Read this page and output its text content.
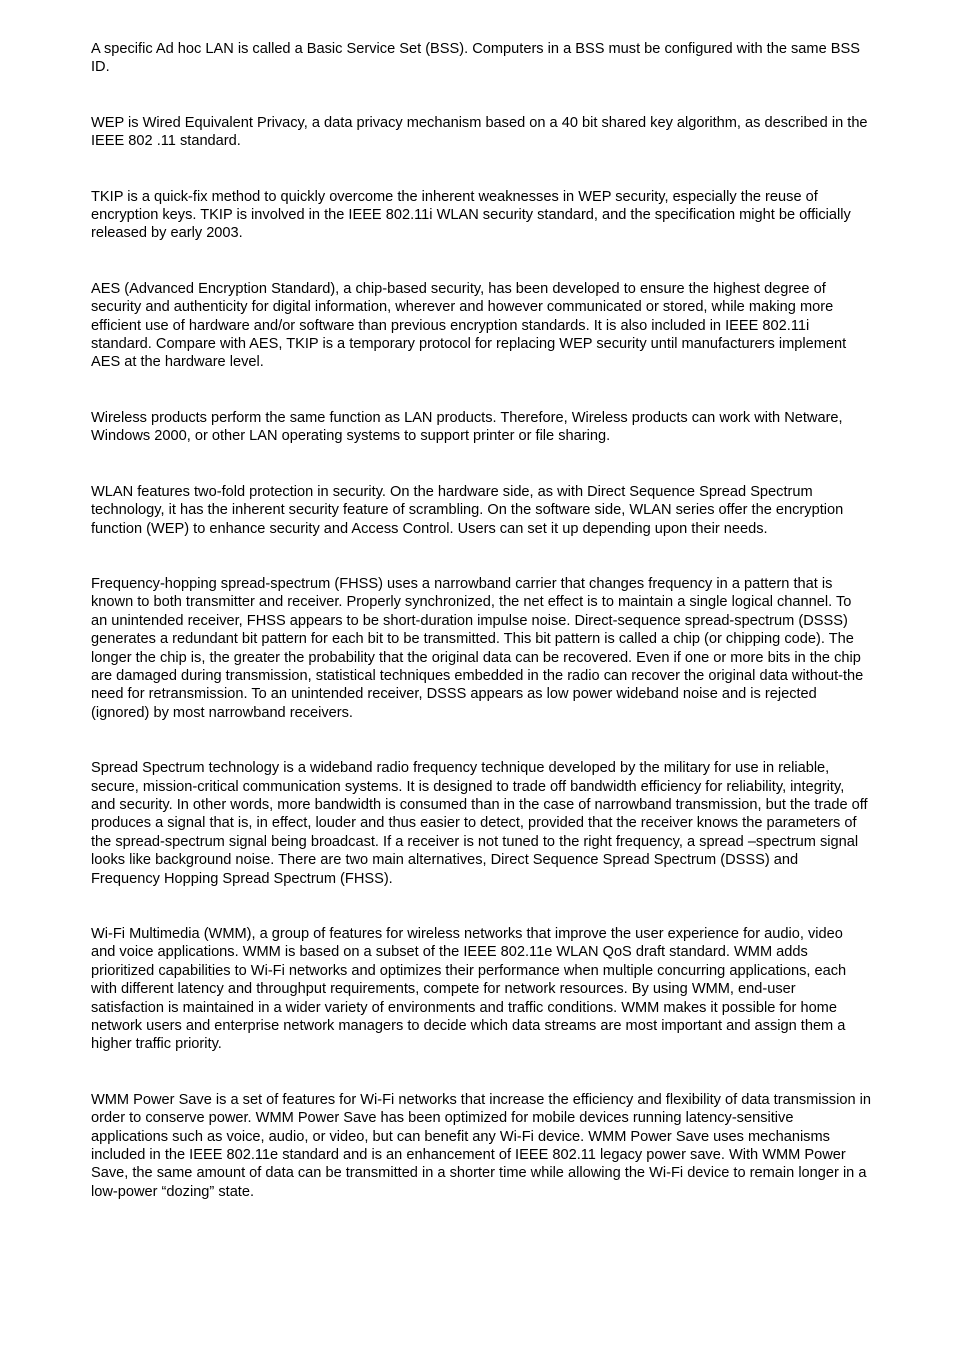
A specific Ad hoc LAN is called a Basic Service Set (BSS). Computers in a BSS must be configured with the same BSS ID.

WEP is Wired Equivalent Privacy, a data privacy mechanism based on a 40 bit shared key algorithm, as described in the IEEE 802 .11 standard.

TKIP is a quick-fix method to quickly overcome the inherent weaknesses in WEP security, especially the reuse of encryption keys. TKIP is involved in the IEEE 802.11i WLAN security standard, and the specification might be officially released by early 2003.

AES (Advanced Encryption Standard), a chip-based security, has been developed to ensure the highest degree of security and authenticity for digital information, wherever and however communicated or stored, while making more efficient use of hardware and/or software than previous encryption standards. It is also included in IEEE 802.11i standard. Compare with AES, TKIP is a temporary protocol for replacing WEP security until manufacturers implement AES at the hardware level.

Wireless products perform the same function as LAN products. Therefore, Wireless products can work with Netware, Windows 2000, or other LAN operating systems to support printer or file sharing.

WLAN features two-fold protection in security. On the hardware side, as with Direct Sequence Spread Spectrum technology, it has the inherent security feature of scrambling. On the software side, WLAN series offer the encryption function (WEP) to enhance security and Access Control. Users can set it up depending upon their needs.

Frequency-hopping spread-spectrum (FHSS) uses a narrowband carrier that changes frequency in a pattern that is known to both transmitter and receiver. Properly synchronized, the net effect is to maintain a single logical channel. To an unintended receiver, FHSS appears to be short-duration impulse noise. Direct-sequence spread-spectrum (DSSS) generates a redundant bit pattern for each bit to be transmitted. This bit pattern is called a chip (or chipping code). The longer the chip is, the greater the probability that the original data can be recovered. Even if one or more bits in the chip are damaged during transmission, statistical techniques embedded in the radio can recover the original data without-the need for retransmission. To an unintended receiver, DSSS appears as low power wideband noise and is rejected (ignored) by most narrowband receivers.

Spread Spectrum technology is a wideband radio frequency technique developed by the military for use in reliable, secure, mission-critical communication systems. It is designed to trade off bandwidth efficiency for reliability, integrity, and security. In other words, more bandwidth is consumed than in the case of narrowband transmission, but the trade off produces a signal that is, in effect, louder and thus easier to detect, provided that the receiver knows the parameters of the spread-spectrum signal being broadcast. If a receiver is not tuned to the right frequency, a spread –spectrum signal looks like background noise. There are two main alternatives, Direct Sequence Spread Spectrum (DSSS) and Frequency Hopping Spread Spectrum (FHSS).

Wi-Fi Multimedia (WMM), a group of features for wireless networks that improve the user experience for audio, video and voice applications. WMM is based on a subset of the IEEE 802.11e WLAN QoS draft standard. WMM adds prioritized capabilities to Wi-Fi networks and optimizes their performance when multiple concurring applications, each with different latency and throughput requirements, compete for network resources. By using WMM, end-user satisfaction is maintained in a wider variety of environments and traffic conditions. WMM makes it possible for home network users and enterprise network managers to decide which data streams are most important and assign them a higher traffic priority.

WMM Power Save is a set of features for Wi-Fi networks that increase the efficiency and flexibility of data transmission in order to conserve power. WMM Power Save has been optimized for mobile devices running latency-sensitive applications such as voice, audio, or video, but can benefit any Wi-Fi device. WMM Power Save uses mechanisms included in the IEEE 802.11e standard and is an enhancement of IEEE 802.11 legacy power save. With WMM Power Save, the same amount of data can be transmitted in a shorter time while allowing the Wi-Fi device to remain longer in a low-power “dozing” state.
